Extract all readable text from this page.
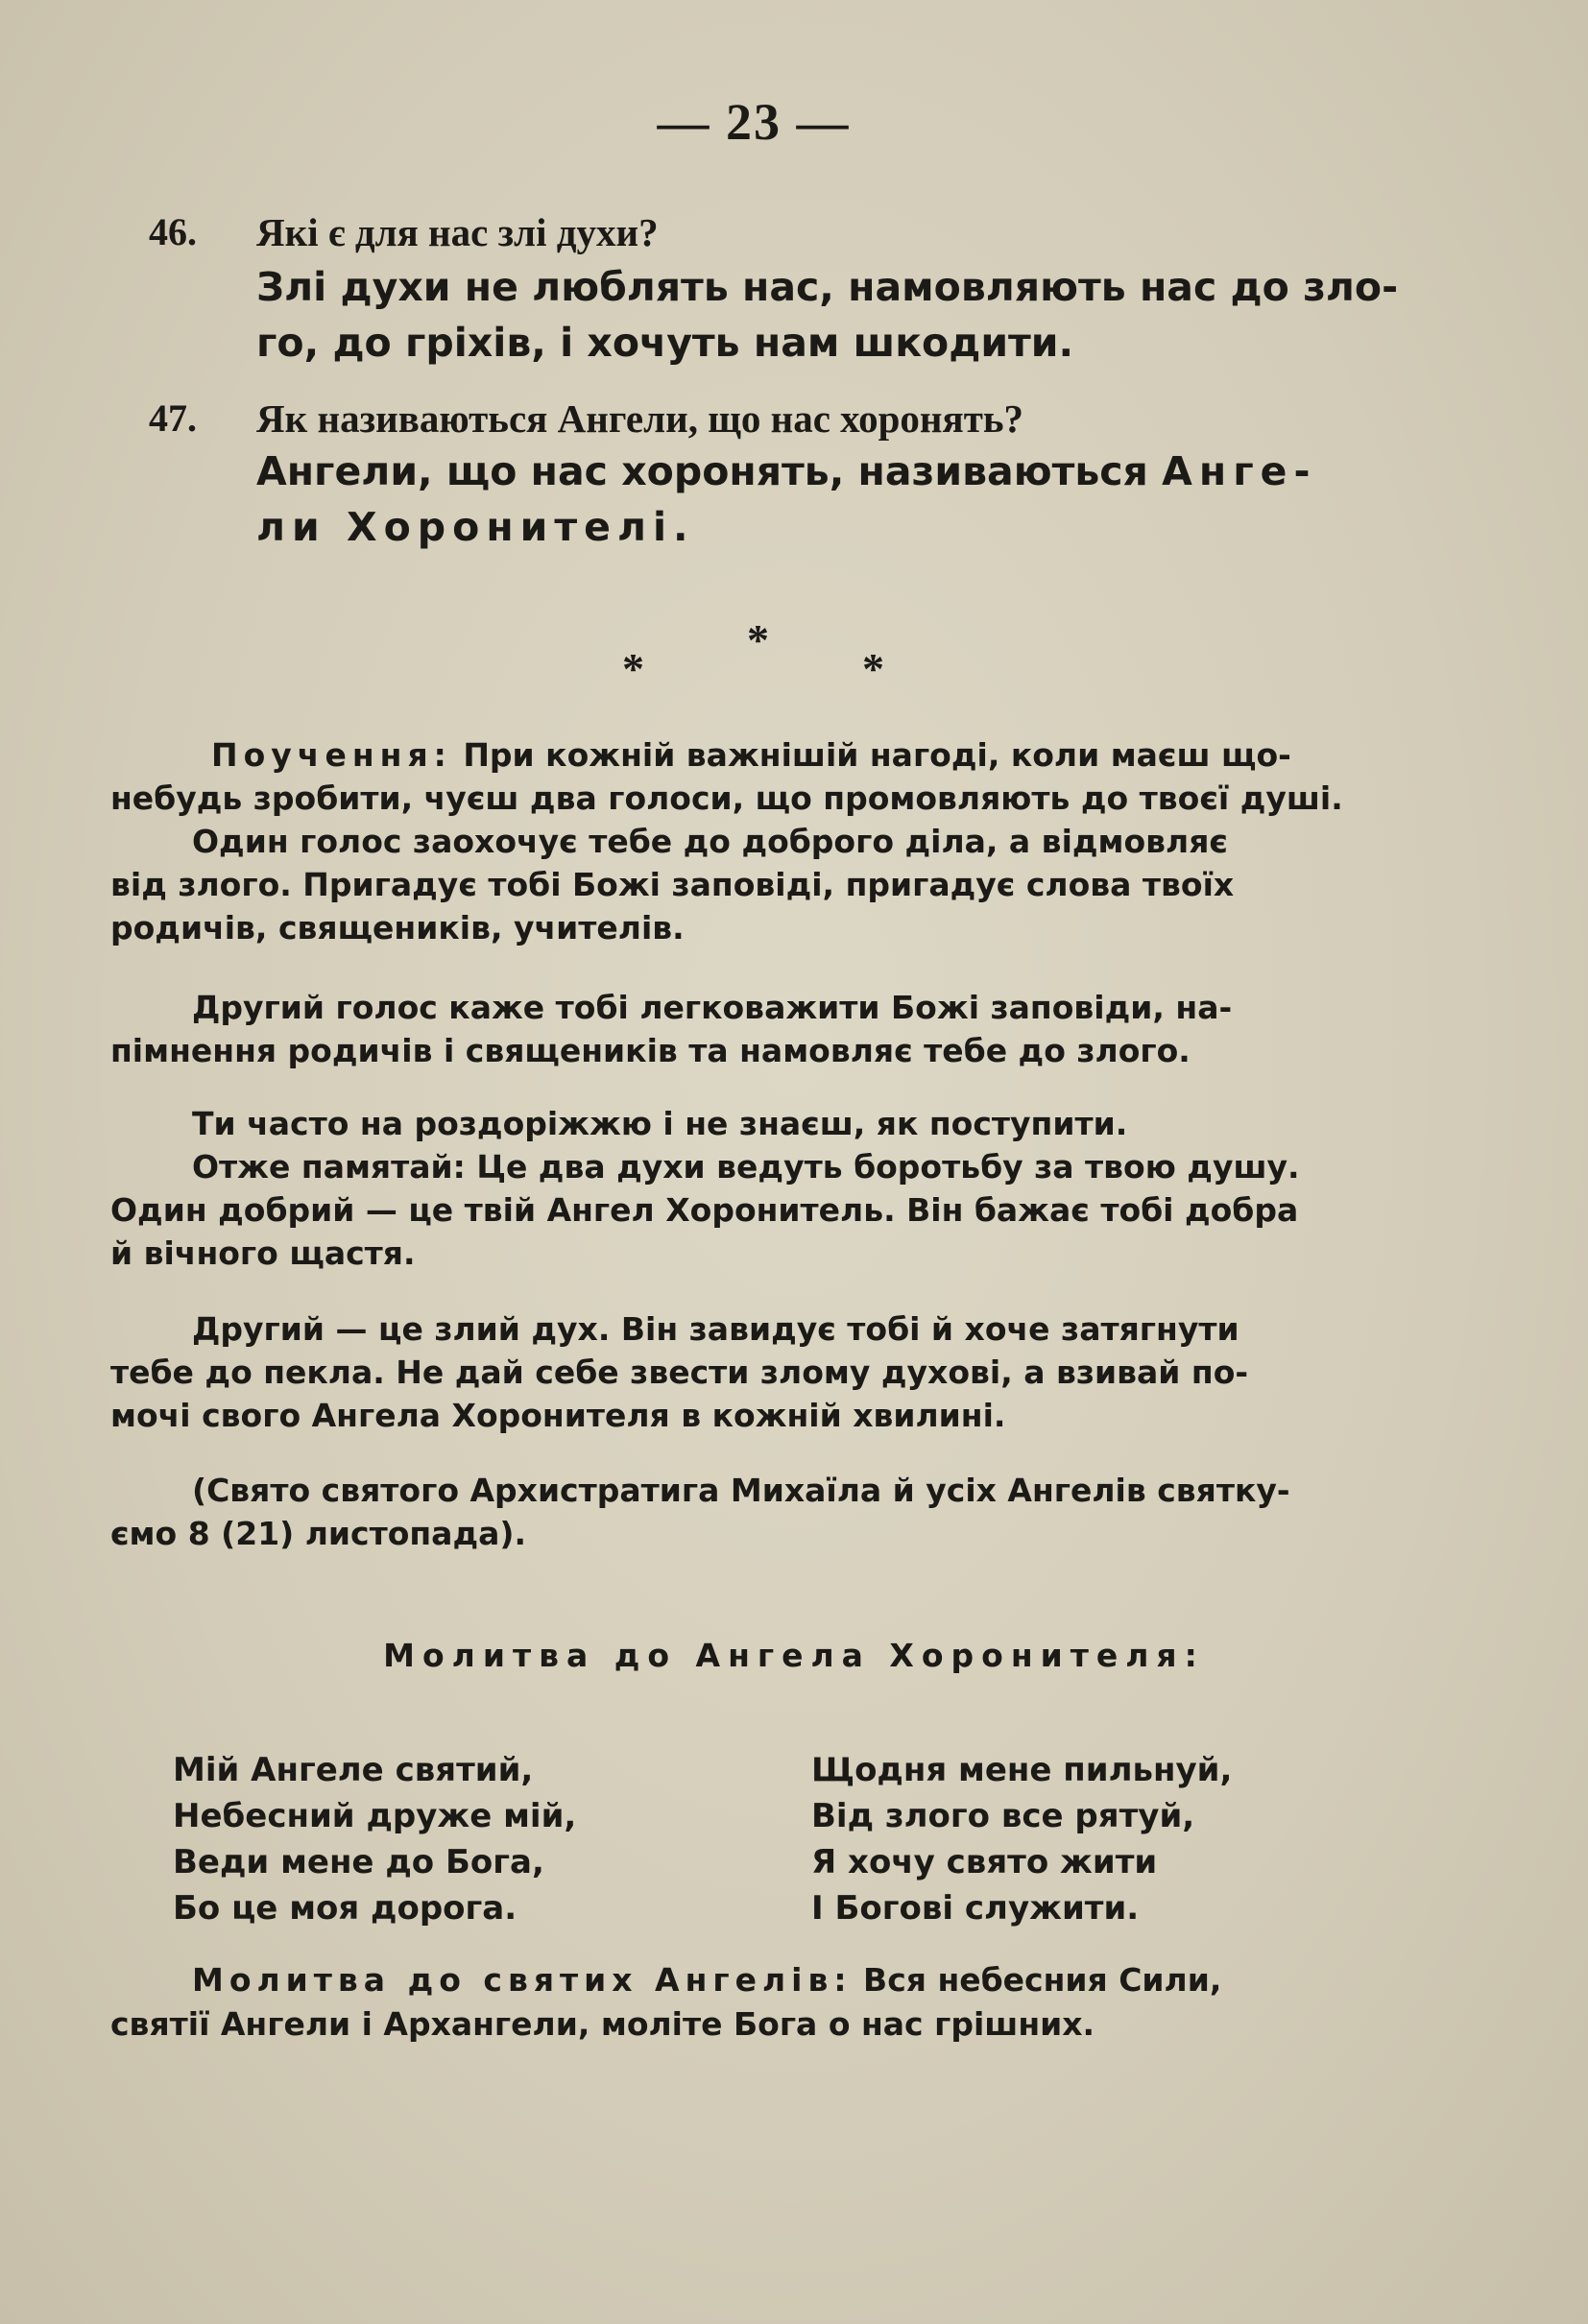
— 23 —
46. Які є для нас злі духи?
Злі духи не люблять нас, намовляють нас до зло-
го, до гріхів, і хочуть нам шкодити.
47. Як називаються Ангели, що нас хоронять?
Ангели, що нас хоронять, називаються Анге-
ли Хоронителі.
*
*	*
Поучення: При кожній важнішій нагоді, коли маєш що-
небудь зробити, чуєш два голоси, що промовляють до твоєї душі.
Один голос заохочує тебе до доброго діла, а відмовляє
від злого. Пригадує тобі Божі заповіді, пригадує слова твоїх
родичів, священиків, учителів.
Другий голос каже тобі легковажити Божі заповіди, на-
пімнення родичів і священиків та намовляє тебе до злого.
Ти часто на роздоріжжю і не знаєш, як поступити.
Отже памятай: Це два духи ведуть боротьбу за твою душу.
Один добрий — це твій Ангел Хоронитель. Він бажає тобі добра
й вічного щастя.
Другий — це злий дух. Він завидує тобі й хоче затягнути
тебе до пекла. Не дай себе звести злому духові, а взивай по-
мочі свого Ангела Хоронителя в кожній хвилині.
(Свято святого Архистратига Михаїла й усіх Ангелів святку-
ємо 8 (21) листопада).
Молитва до Ангела Хоронителя:
Мій Ангеле святий,
Небесний друже мій,
Веди мене до Бога,
Бо це моя дорога.
Щодня мене пильнуй,
Від злого все рятуй,
Я хочу свято жити
І Богові служити.
Молитва до святих Ангелів: Вся небесния Сили,
святії Ангели і Архангели, моліте Бога о нас грішних.
